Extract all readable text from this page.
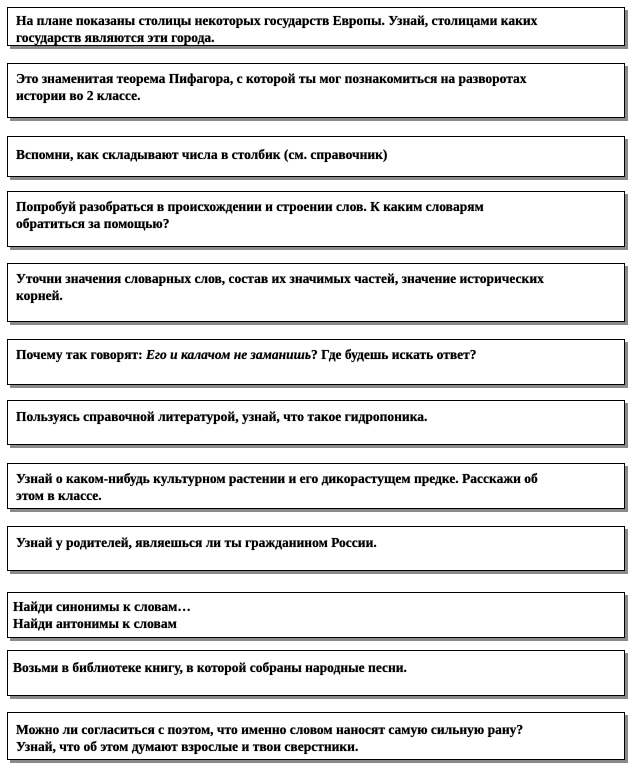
На плане показаны столицы некоторых государств Европы. Узнай, столицами каких
государств являются эти города.
Это знаменитая теорема Пифагора, с которой ты мог познакомиться на разворотах
истории во 2 классе.
Вспомни, как складывают числа в столбик (см. справочник)
Попробуй разобраться в происхождении и строении слов. К каким словарям
обратиться за помощью?
Уточни значения словарных слов, состав их значимых частей, значение исторических
корней.
Почему так говорят: Его и калачом не заманишь? Где будешь искать ответ?
Пользуясь справочной литературой, узнай, что такое гидропоника.
Узнай о каком-нибудь культурном растении и его дикорастущем предке. Расскажи об
этом в классе.
Узнай у родителей, являешься ли ты гражданином России.
Найди синонимы к словам…
Найди антонимы к словам
Возьми в библиотеке книгу, в которой собраны народные песни.
Можно ли согласиться с поэтом, что именно словом наносят самую сильную рану?
Узнай, что об этом думают взрослые и твои сверстники.
